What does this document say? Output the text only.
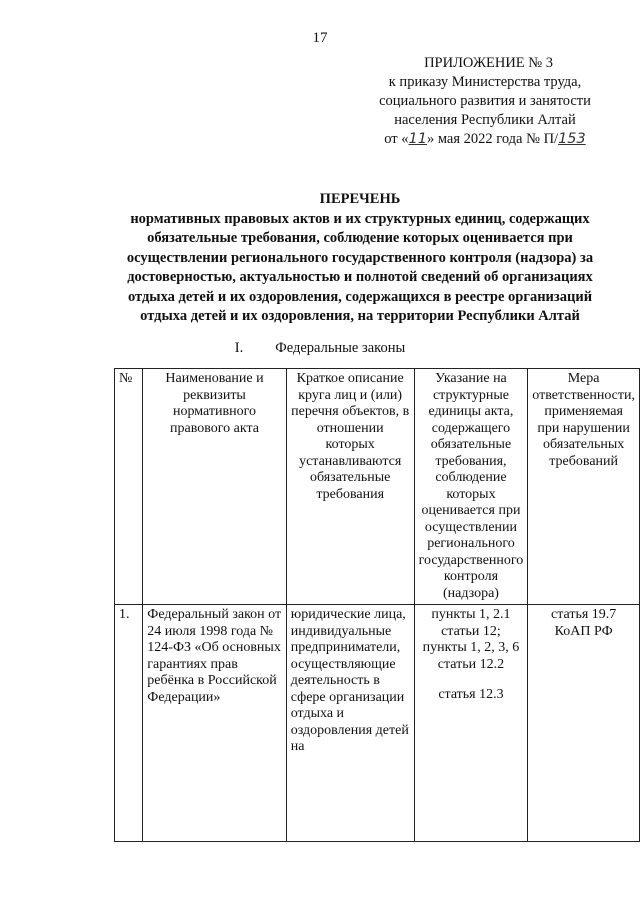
17
ПРИЛОЖЕНИЕ № 3
к приказу Министерства труда,
социального развития и занятости
населения Республики Алтай
от «11» мая 2022 года № П/153
ПЕРЕЧЕНЬ
нормативных правовых актов и их структурных единиц, содержащих
обязательные требования, соблюдение которых оценивается при
осуществлении регионального государственного контроля (надзора) за
достоверностью, актуальностью и полнотой сведений об организациях
отдыха детей и их оздоровления, содержащихся в реестре организаций
отдыха детей и их оздоровления, на территории Республики Алтай
I. Федеральные законы
№	Наименование и реквизиты нормативного правового акта	Краткое описание круга лиц и (или) перечня объектов, в отношении которых устанавливаются обязательные требования	Указание на структурные единицы акта, содержащего обязательные требования, соблюдение которых оценивается при осуществлении регионального государственного контроля (надзора)	Мера ответственности, применяемая при нарушении обязательных требований
1.	Федеральный закон от 24 июля 1998 года № 124-ФЗ «Об основных гарантиях прав ребёнка в Российской Федерации»	юридические лица, индивидуальные предприниматели, осуществляющие деятельность в сфере организации отдыха и оздоровления детей на	пункты 1, 2.1 статьи 12;
пункты 1, 2, 3, 6 статьи 12.2
статья 12.3	статья 19.7 КоАП РФ
